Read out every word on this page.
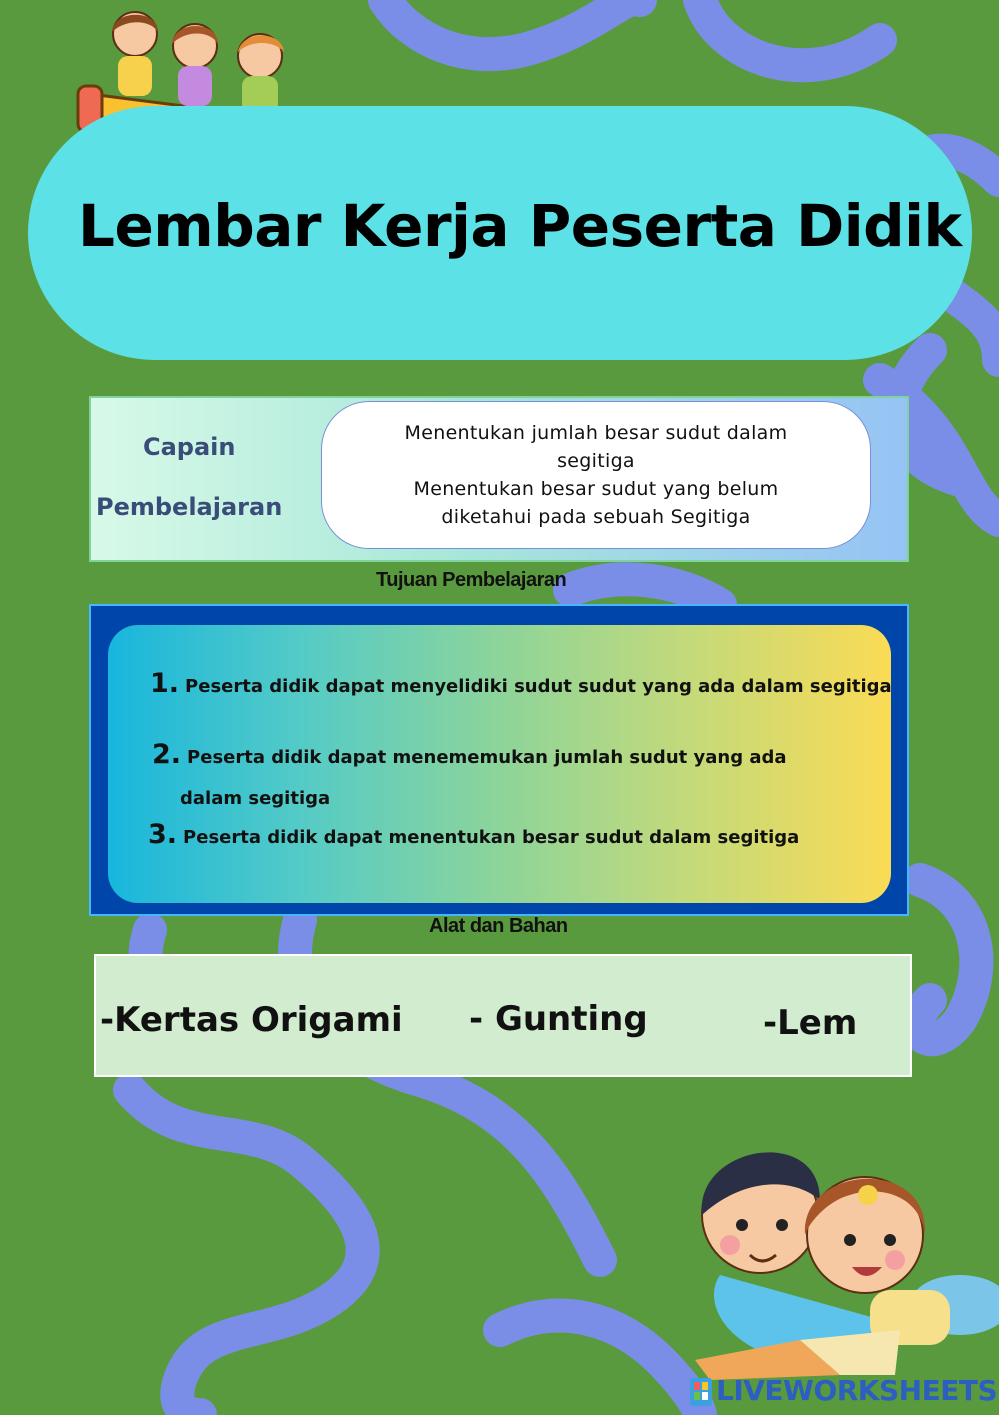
Lembar Kerja Peserta Didik
Capain
Pembelajaran
Menentukan jumlah besar sudut dalam
segitiga
Menentukan besar sudut yang belum
diketahui pada sebuah Segitiga
Tujuan Pembelajaran
1. Peserta didik dapat menyelidiki sudut sudut yang ada dalam segitiga
2. Peserta didik dapat menememukan jumlah sudut yang ada
dalam segitiga
3. Peserta didik dapat menentukan besar sudut dalam segitiga
Alat dan Bahan
-Kertas Origami - Gunting	-Lem
LIVEWORKSHEETS
